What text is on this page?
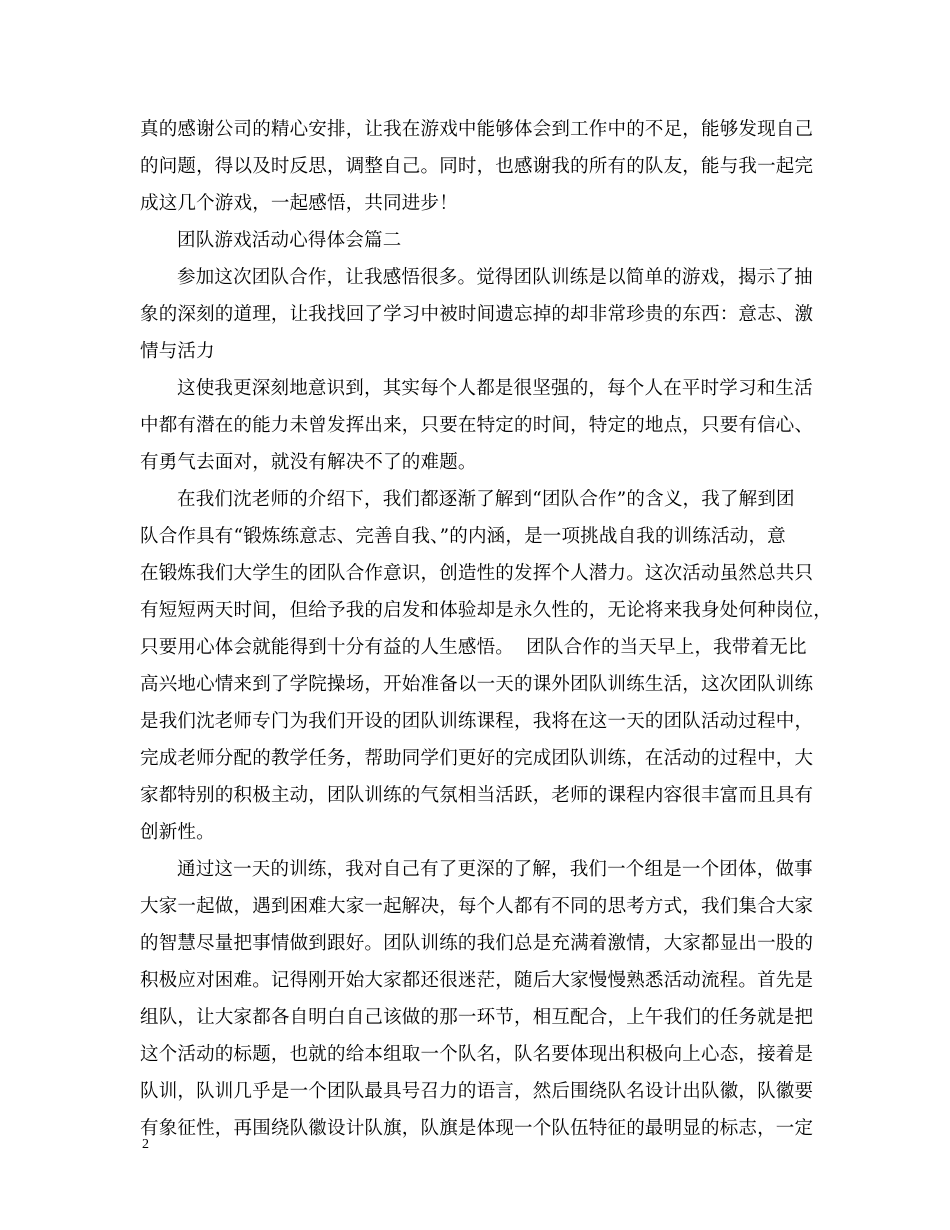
真的感谢公司的精心安排，让我在游戏中能够体会到工作中的不足，能够发现自己
的问题，得以及时反思，调整自己。同时，也感谢我的所有的队友，能与我一起完
成这几个游戏，一起感悟，共同进步！
团队游戏活动心得体会篇二
参加这次团队合作，让我感悟很多。觉得团队训练是以简单的游戏，揭示了抽
象的深刻的道理，让我找回了学习中被时间遗忘掉的却非常珍贵的东西：意志、激
情与活力
这使我更深刻地意识到，其实每个人都是很坚强的，每个人在平时学习和生活
中都有潜在的能力未曾发挥出来，只要在特定的时间，特定的地点，只要有信心、
有勇气去面对，就没有解决不了的难题。
在我们沈老师的介绍下，我们都逐渐了解到“团队合作”的含义，我了解到团
队合作具有“锻炼练意志、完善自我、”的内涵，是一项挑战自我的训练活动，意
在锻炼我们大学生的团队合作意识，创造性的发挥个人潜力。这次活动虽然总共只
有短短两天时间，但给予我的启发和体验却是永久性的，无论将来我身处何种岗位，
只要用心体会就能得到十分有益的人生感悟。  团队合作的当天早上，我带着无比
高兴地心情来到了学院操场，开始准备以一天的课外团队训练生活，这次团队训练
是我们沈老师专门为我们开设的团队训练课程，我将在这一天的团队活动过程中，
完成老师分配的教学任务，帮助同学们更好的完成团队训练，在活动的过程中，大
家都特别的积极主动，团队训练的气氛相当活跃，老师的课程内容很丰富而且具有
创新性。
通过这一天的训练，我对自己有了更深的了解，我们一个组是一个团体，做事
大家一起做，遇到困难大家一起解决，每个人都有不同的思考方式，我们集合大家
的智慧尽量把事情做到跟好。团队训练的我们总是充满着激情，大家都显出一股的
积极应对困难。记得刚开始大家都还很迷茫，随后大家慢慢熟悉活动流程。首先是
组队，让大家都各自明白自己该做的那一环节，相互配合，上午我们的任务就是把
这个活动的标题，也就的给本组取一个队名，队名要体现出积极向上心态，接着是
队训，队训几乎是一个团队最具号召力的语言，然后围绕队名设计出队徽，队徽要
有象征性，再围绕队徽设计队旗，队旗是体现一个队伍特征的最明显的标志，一定
2
